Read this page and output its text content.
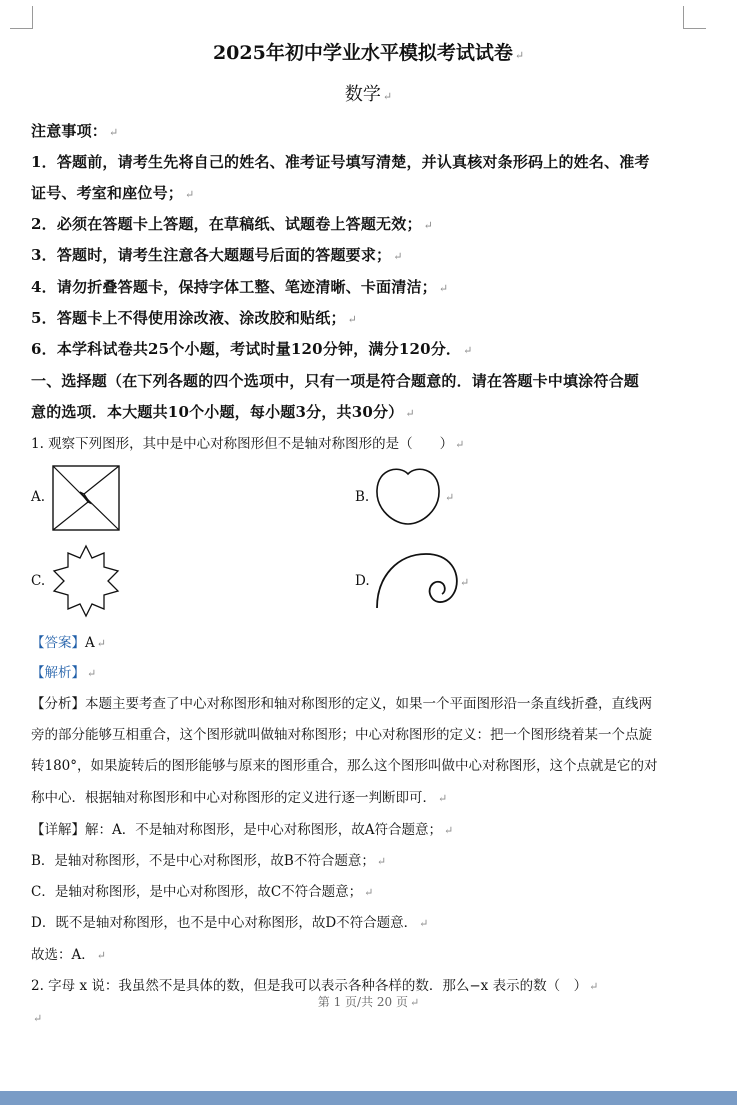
2025年初中学业水平模拟考试试卷 ↵
数学 ↵
注意事项： ↵
1．答题前，请考生先将自己的姓名、准考证号填写清楚，并认真核对条形码上的姓名、准考
证号、考室和座位号； ↵
2．必须在答题卡上答题，在草稿纸、试题卷上答题无效； ↵
3．答题时，请考生注意各大题题号后面的答题要求； ↵
4．请勿折叠答题卡，保持字体工整、笔迹清晰、卡面清洁； ↵
5．答题卡上不得使用涂改液、涂改胶和贴纸； ↵
6．本学科试卷共25个小题，考试时量120分钟，满分120分． ↵
一、选择题（在下列各题的四个选项中，只有一项是符合题意的．请在答题卡中填涂符合题
意的选项．本大题共10个小题，每小题3分，共30分） ↵
1. 观察下列图形，其中是中心对称图形但不是轴对称图形的是（　　） ↵
A.	B.	↵
C.	D.	↵
【答案】A ↵
【解析】 ↵
【分析】本题主要考查了中心对称图形和轴对称图形的定义，如果一个平面图形沿一条直线折叠，直线两
旁的部分能够互相重合，这个图形就叫做轴对称图形；中心对称图形的定义：把一个图形绕着某一个点旋
转180°，如果旋转后的图形能够与原来的图形重合，那么这个图形叫做中心对称图形，这个点就是它的对
称中心．根据轴对称图形和中心对称图形的定义进行逐一判断即可． ↵
【详解】解：A．不是轴对称图形，是中心对称图形，故A符合题意； ↵
B．是轴对称图形，不是中心对称图形，故B不符合题意； ↵
C．是轴对称图形，是中心对称图形，故C不符合题意； ↵
D．既不是轴对称图形，也不是中心对称图形，故D不符合题意． ↵
故选：A． ↵
2. 字母 x 说：我虽然不是具体的数，但是我可以表示各种各样的数．那么−x 表示的数（　） ↵
第 1 页/共 20 页 ↵
↵
